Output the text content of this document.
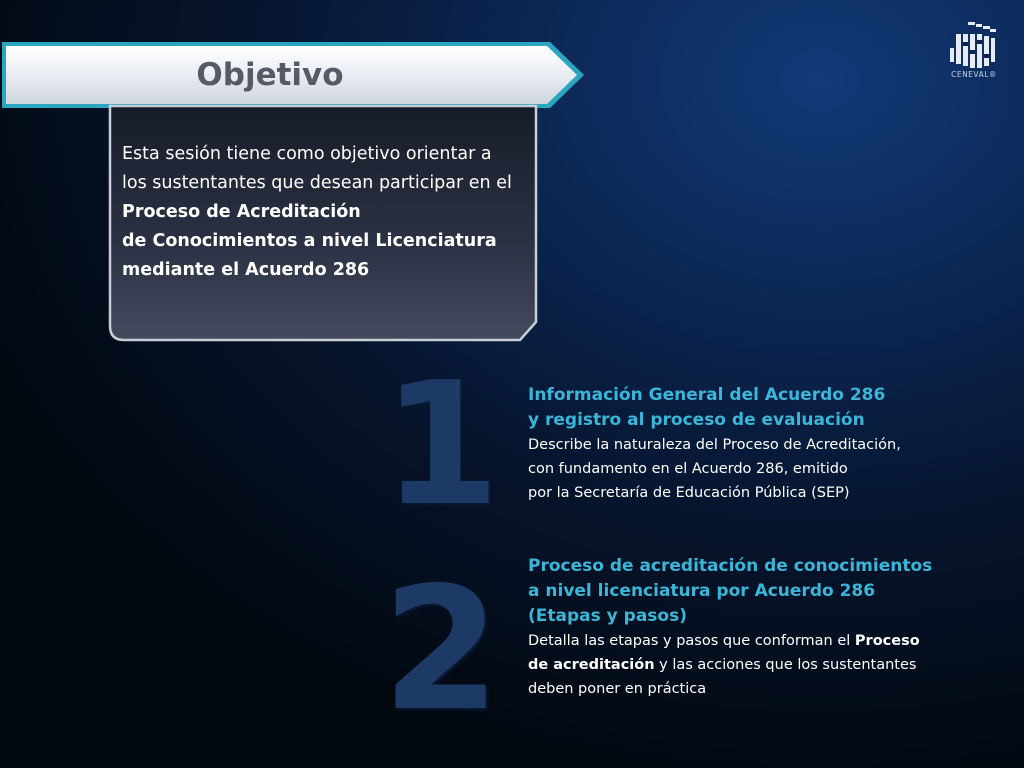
Objetivo
Esta sesión tiene como objetivo orientar a
los sustentantes que desean participar en el
Proceso de Acreditación
de Conocimientos a nivel Licenciatura
mediante el Acuerdo 286
1
2
Información General del Acuerdo 286
y registro al proceso de evaluación
Describe la naturaleza del Proceso de Acreditación,
con fundamento en el Acuerdo 286, emitido
por la Secretaría de Educación Pública (SEP)
Proceso de acreditación de conocimientos
a nivel licenciatura por Acuerdo 286
(Etapas y pasos)
Detalla las etapas y pasos que conforman el Proceso
de acreditación y las acciones que los sustentantes
deben poner en práctica
CENEVAL®
